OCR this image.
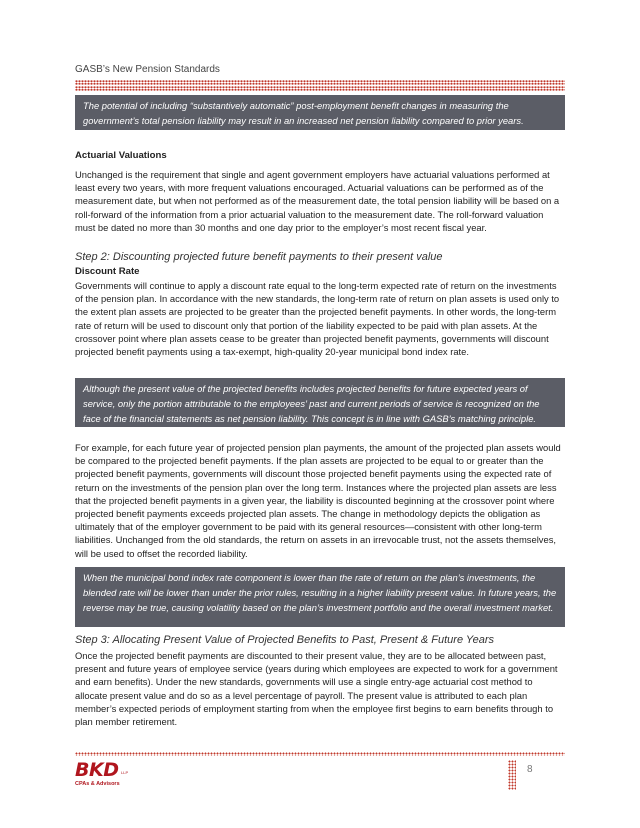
GASB’s New Pension Standards
The potential of including “substantively automatic” post-employment benefit changes in measuring the government’s total pension liability may result in an increased net pension liability compared to prior years.
Actuarial Valuations
Unchanged is the requirement that single and agent government employers have actuarial valuations performed at least every two years, with more frequent valuations encouraged. Actuarial valuations can be performed as of the measurement date, but when not performed as of the measurement date, the total pension liability will be based on a roll-forward of the information from a prior actuarial valuation to the measurement date. The roll-forward valuation must be dated no more than 30 months and one day prior to the employer’s most recent fiscal year.
Step 2: Discounting projected future benefit payments to their present value
Discount Rate
Governments will continue to apply a discount rate equal to the long-term expected rate of return on the investments of the pension plan. In accordance with the new standards, the long-term rate of return on plan assets is used only to the extent plan assets are projected to be greater than the projected benefit payments. In other words, the long-term rate of return will be used to discount only that portion of the liability expected to be paid with plan assets. At the crossover point where plan assets cease to be greater than projected benefit payments, governments will discount projected benefit payments using a tax-exempt, high-quality 20-year municipal bond index rate.
Although the present value of the projected benefits includes projected benefits for future expected years of service, only the portion attributable to the employees’ past and current periods of service is recognized on the face of the financial statements as net pension liability. This concept is in line with GASB’s matching principle.
For example, for each future year of projected pension plan payments, the amount of the projected plan assets would be compared to the projected benefit payments. If the plan assets are projected to be equal to or greater than the projected benefit payments, governments will discount those projected benefit payments using the expected rate of return on the investments of the pension plan over the long term. Instances where the projected plan assets are less that the projected benefit payments in a given year, the liability is discounted beginning at the crossover point where projected benefit payments exceeds projected plan assets. The change in methodology depicts the obligation as ultimately that of the employer government to be paid with its general resources—consistent with other long-term liabilities. Unchanged from the old standards, the return on assets in an irrevocable trust, not the assets themselves, will be used to offset the recorded liability.
When the municipal bond index rate component is lower than the rate of return on the plan’s investments, the blended rate will be lower than under the prior rules, resulting in a higher liability present value. In future years, the reverse may be true, causing volatility based on the plan’s investment portfolio and the overall investment market.
Step 3: Allocating Present Value of Projected Benefits to Past, Present & Future Years
Once the projected benefit payments are discounted to their present value, they are to be allocated between past, present and future years of employee service (years during which employees are expected to work for a government and earn benefits). Under the new standards, governments will use a single entry-age actuarial cost method to allocate present value and do so as a level percentage of payroll. The present value is attributed to each plan member’s expected periods of employment starting from when the employee first begins to earn benefits through to plan member retirement.
BKD LLP
CPAs & Advisors
8
